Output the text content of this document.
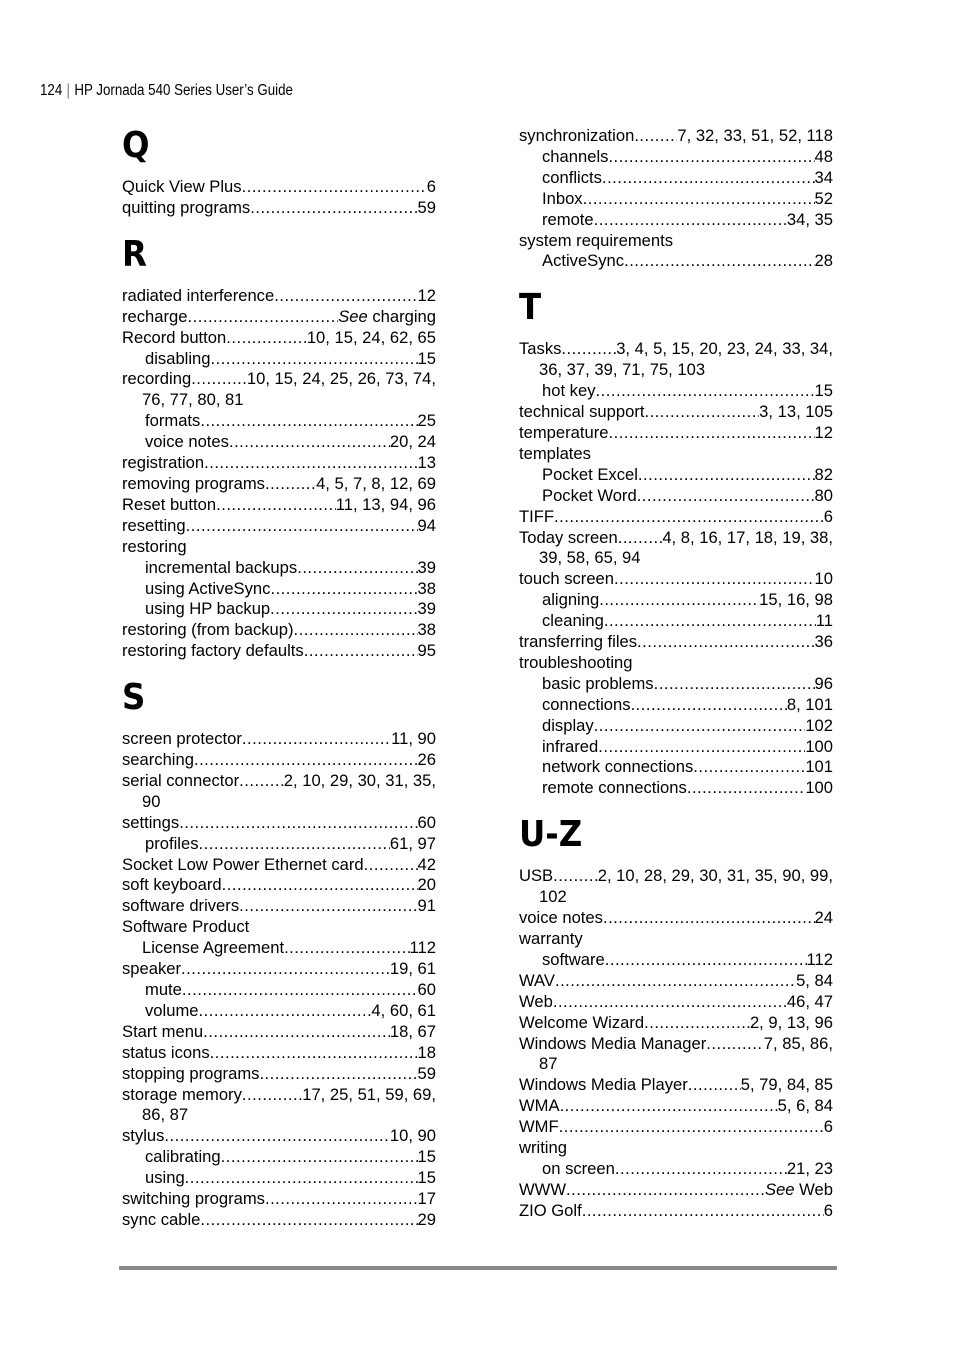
124 | HP Jornada 540 Series User’s Guide
Q
Quick View Plus .....	6
quitting programs .....	59
R
radiated interference .....	12
recharge .....	See charging
Record button .....	10, 15, 24, 62, 65
disabling .....	15
recording .....	10, 15, 24, 25, 26, 73, 74,
76, 77, 80, 81
formats .....	25
voice notes .....	20, 24
registration .....	13
removing programs .....	4, 5, 7, 8, 12, 69
Reset button .....	11, 13, 94, 96
resetting .....	94
restoring
incremental backups .....	39
using ActiveSync .....	38
using HP backup .....	39
restoring (from backup) .....	38
restoring factory defaults .....	95
S
screen protector .....	11, 90
searching .....	26
serial connector .....	2, 10, 29, 30, 31, 35,
90
settings .....	60
profiles .....	61, 97
Socket Low Power Ethernet card .....	42
soft keyboard .....	20
software drivers .....	91
Software Product
License Agreement .....	112
speaker .....	19, 61
mute .....	60
volume .....	4, 60, 61
Start menu .....	18, 67
status icons .....	18
stopping programs .....	59
storage memory .....	17, 25, 51, 59, 69,
86, 87
stylus .....	10, 90
calibrating .....	15
using .....	15
switching programs .....	17
sync cable .....	29
synchronization .....	7, 32, 33, 51, 52, 118
channels .....	48
conflicts .....	34
Inbox .....	52
remote .....	34, 35
system requirements
ActiveSync .....	28
T
Tasks .....	3, 4, 5, 15, 20, 23, 24, 33, 34,
36, 37, 39, 71, 75, 103
hot key .....	15
technical support .....	3, 13, 105
temperature .....	12
templates
Pocket Excel .....	82
Pocket Word .....	80
TIFF .....	6
Today screen .....	4, 8, 16, 17, 18, 19, 38,
39, 58, 65, 94
touch screen .....	10
aligning .....	15, 16, 98
cleaning .....	11
transferring files .....	36
troubleshooting
basic problems .....	96
connections .....	8, 101
display .....	102
infrared .....	100
network connections .....	101
remote connections .....	100
U-Z
USB .....	2, 10, 28, 29, 30, 31, 35, 90, 99,
102
voice notes .....	24
warranty
software .....	112
WAV .....	5, 84
Web .....	46, 47
Welcome Wizard .....	2, 9, 13, 96
Windows Media Manager .....	7, 85, 86,
87
Windows Media Player .....	5, 79, 84, 85
WMA .....	5, 6, 84
WMF .....	6
writing
on screen .....	21, 23
WWW .....	See Web
ZIO Golf .....	6
